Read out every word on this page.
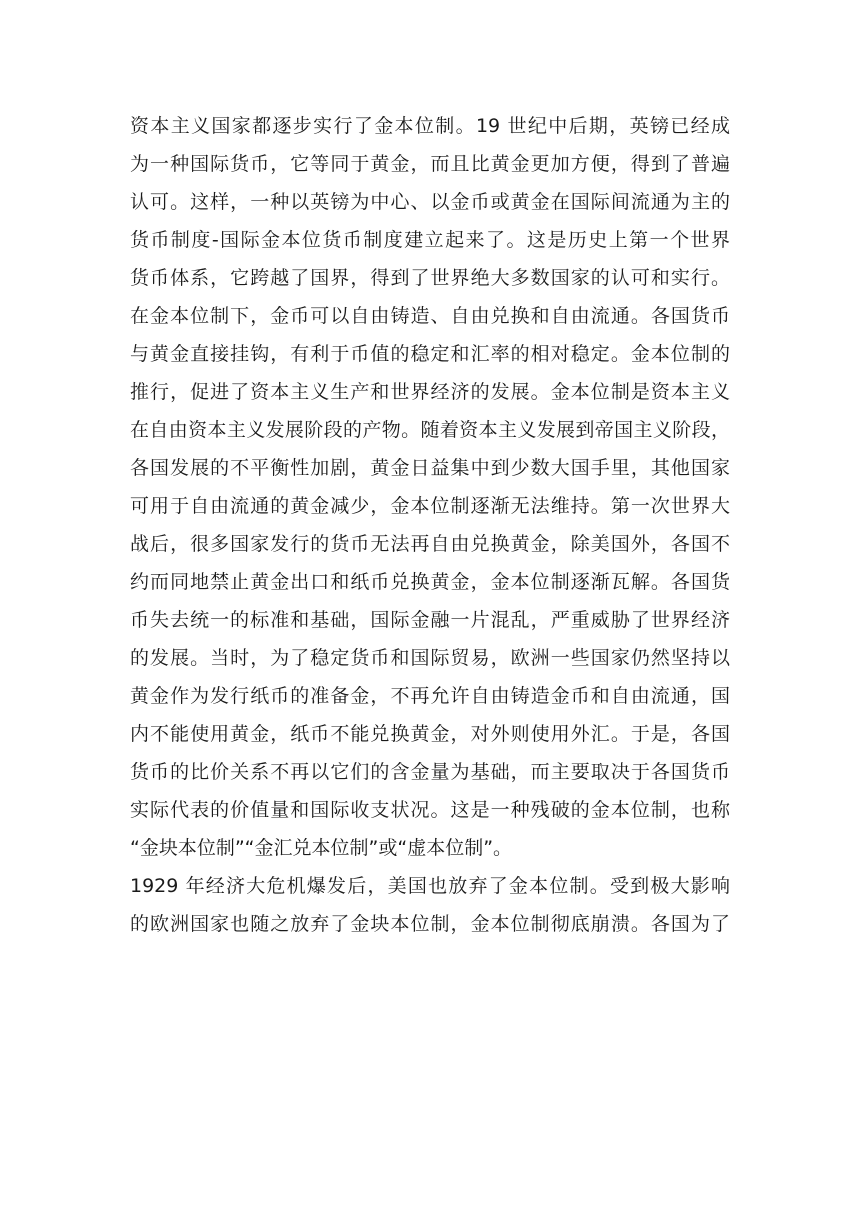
资本主义国家都逐步实行了金本位制。19 世纪中后期，英镑已经成
为一种国际货币，它等同于黄金，而且比黄金更加方便，得到了普遍
认可。这样，一种以英镑为中心、以金币或黄金在国际间流通为主的
货币制度-国际金本位货币制度建立起来了。这是历史上第一个世界
货币体系，它跨越了国界，得到了世界绝大多数国家的认可和实行。
在金本位制下，金币可以自由铸造、自由兑换和自由流通。各国货币
与黄金直接挂钩，有利于币值的稳定和汇率的相对稳定。金本位制的
推行，促进了资本主义生产和世界经济的发展。金本位制是资本主义
在自由资本主义发展阶段的产物。随着资本主义发展到帝国主义阶段，
各国发展的不平衡性加剧，黄金日益集中到少数大国手里，其他国家
可用于自由流通的黄金减少，金本位制逐渐无法维持。第一次世界大
战后，很多国家发行的货币无法再自由兑换黄金，除美国外，各国不
约而同地禁止黄金出口和纸币兑换黄金，金本位制逐渐瓦解。各国货
币失去统一的标准和基础，国际金融一片混乱，严重威胁了世界经济
的发展。当时，为了稳定货币和国际贸易，欧洲一些国家仍然坚持以
黄金作为发行纸币的准备金，不再允许自由铸造金币和自由流通，国
内不能使用黄金，纸币不能兑换黄金，对外则使用外汇。于是，各国
货币的比价关系不再以它们的含金量为基础，而主要取决于各国货币
实际代表的价值量和国际收支状况。这是一种残破的金本位制，也称
“金块本位制”“金汇兑本位制”或“虚本位制”。
1929 年经济大危机爆发后，美国也放弃了金本位制。受到极大影响
的欧洲国家也随之放弃了金块本位制，金本位制彻底崩溃。各国为了
